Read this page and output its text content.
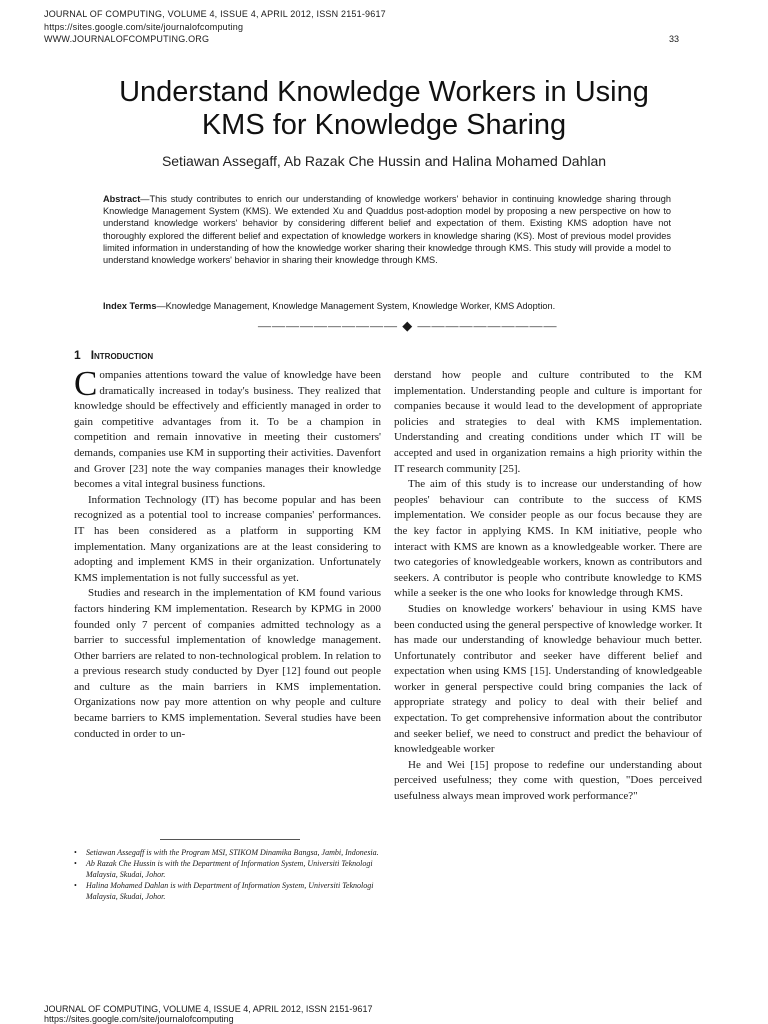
JOURNAL OF COMPUTING, VOLUME 4, ISSUE 4, APRIL 2012, ISSN 2151-9617
https://sites.google.com/site/journalofcomputing
WWW.JOURNALOFCOMPUTING.ORG	33
Understand Knowledge Workers in Using
KMS for Knowledge Sharing
Setiawan Assegaff, Ab Razak Che Hussin and Halina Mohamed Dahlan
Abstract—This study contributes to enrich our understanding of knowledge workers' behavior in continuing knowledge sharing through Knowledge Management System (KMS). We extended Xu and Quaddus post-adoption model by proposing a new perspective on how to understand knowledge workers' behavior by considering different belief and expectation of them. Existing KMS adoption have not thoroughly explored the different belief and expectation of knowledge workers in knowledge sharing (KS). Most of previous model provides limited information in understanding of how the knowledge worker sharing their knowledge through KMS. This study will provide a model to understand knowledge workers' behavior in sharing their knowledge through KMS.
Index Terms—Knowledge Management, Knowledge Management System, Knowledge Worker, KMS Adoption.
—————————— ◆ ——————————
1 Introduction

Companies attentions toward the value of knowledge have been dramatically increased in today's business. They realized that knowledge should be effectively and efficiently managed in order to gain competitive advantages from it. To be a champion in competition and remain innovative in meeting their customers' demands, companies use KM in supporting their activities. Davenfort and Grover [23] note the way companies manages their knowledge becomes a vital integral business functions.

Information Technology (IT) has become popular and has been recognized as a potential tool to increase companies' performances. IT has been considered as a platform in supporting KM implementation. Many organizations are at the least considering to adopting and implement KMS in their organization. Unfortunately KMS implementation is not fully successful as yet.

Studies and research in the implementation of KM found various factors hindering KM implementation. Research by KPMG in 2000 founded only 7 percent of companies admitted technology as a barrier to successful implementation of knowledge management. Other barriers are related to non-technological problem. In relation to a previous research study conducted by Dyer [12] found out people and culture as the main barriers in KMS implementation. Organizations now pay more attention on why people and culture became barriers to KMS implementation. Several studies have been conducted in order to un-

derstand how people and culture contributed to the KM implementation. Understanding people and culture is important for companies because it would lead to the development of appropriate policies and strategies to deal with KMS implementation. Understanding and creating conditions under which IT will be accepted and used in organization remains a high priority within the IT research community [25].

The aim of this study is to increase our understanding of how peoples' behaviour can contribute to the success of KMS implementation. We consider people as our focus because they are the key factor in applying KMS. In KM initiative, people who interact with KMS are known as a knowledgeable worker. There are two categories of knowledgeable workers, known as contributors and seekers. A contributor is people who contribute knowledge to KMS while a seeker is the one who looks for knowledge through KMS.

Studies on knowledge workers' behaviour in using KMS have been conducted using the general perspective of knowledge worker. It has made our understanding of knowledge behaviour much better. Unfortunately contributor and seeker have different belief and expectation when using KMS [15]. Understanding of knowledgeable worker in general perspective could bring companies the lack of appropriate strategy and policy to deal with their belief and expectation. To get comprehensive information about the contributor and seeker belief, we need to construct and predict the behaviour of knowledgeable worker

He and Wei [15] propose to redefine our understanding about perceived usefulness; they come with question, "Does perceived usefulness always mean improved work performance?"

• Setiawan Assegaff is with the Program MSI, STIKOM Dinamika Bangsa, Jambi, Indonesia.
• Ab Razak Che Hussin is with the Department of Information System, Universiti Teknologi Malaysia, Skudai, Johor.
• Halina Mohamed Dahlan is with Department of Information System, Universiti Teknologi Malaysia, Skudai, Johor.
JOURNAL OF COMPUTING, VOLUME 4, ISSUE 4, APRIL 2012, ISSN 2151-9617
https://sites.google.com/site/journalofcomputing
